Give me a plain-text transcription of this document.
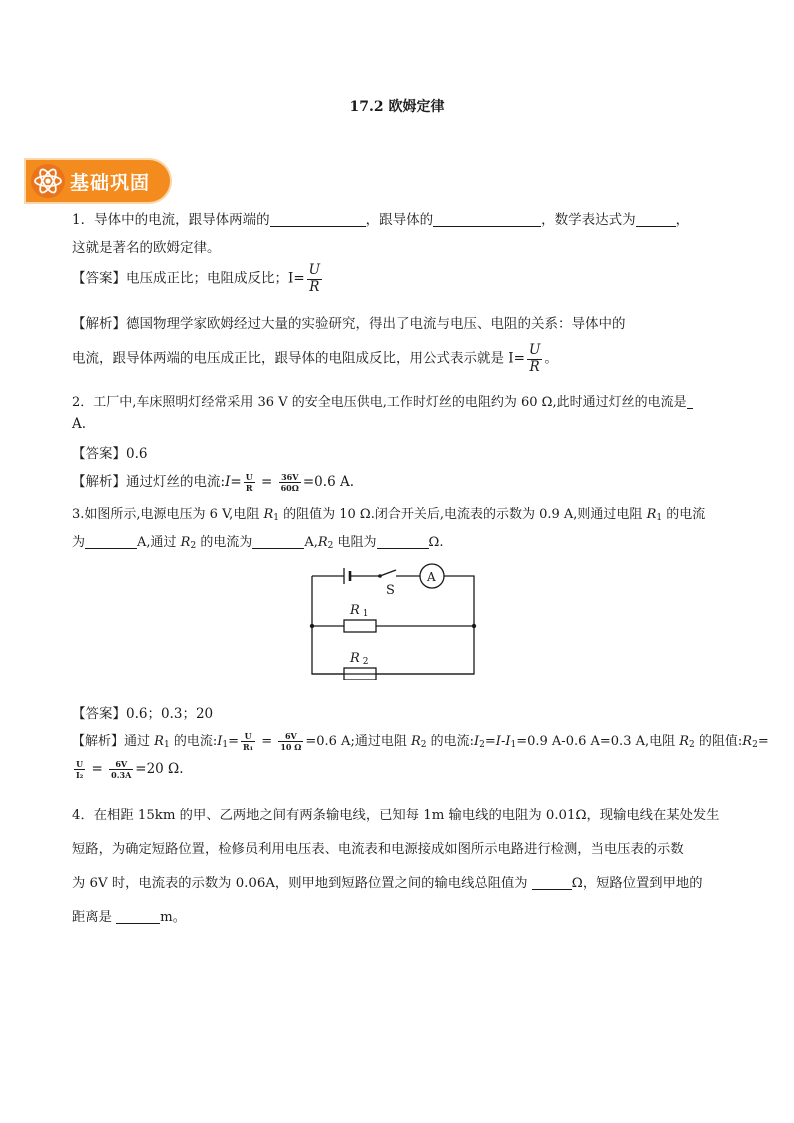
17.2 欧姆定律
基础巩固
1．导体中的电流，跟导体两端的	，跟导体的	，数学表达式为	，
这就是著名的欧姆定律。
【答案】电压成正比；电阻成反比；$I= \frac{U}{R}$
【解析】德国物理学家欧姆经过大量的实验研究，得出了电流与电压、电阻的关系：导体中的
电流，跟导体两端的电压成正比，跟导体的电阻成反比，用公式表示就是 $I= \frac{U}{R}$ 。
2．工厂中,车床照明灯经常采用 36 V 的安全电压供电,工作时灯丝的电阻约为 60 Ω,此时通过灯丝的电流是
A.
【答案】0.6
【解析】通过灯丝的电流:I= $\frac{U}{R} = \frac{36V}{60\Omega} =0.6$ A.
3.如图所示,电源电压为 6 V,电阻 $R_1$ 的阻值为 10 Ω.闭合开关后,电流表的示数为 0.9 A,则通过电阻 $R_1$ 的电流
为	A,通过 $R_2$ 的电流为	$A,R_2$ 电阻为	Ω.
S
A
R 1
R 2
【答案】0.6；0.3；20
【解析】通过 $R_1$ 的电流$:I_1= \frac{U}{\text{R₁}} = \frac{6V}{10 \Omega} =0.6$ A;通过电阻 $R_2$ 的电流$:I_2=I-I_1=0.9$ A-0.6 A=0.3 A,电阻 $R_2$ 的阻值$:R_2=$
$\frac{U}{\text{I₂}} = \frac{6V}{0.3A} =20$ Ω.
4．在相距 15km 的甲、乙两地之间有两条输电线，已知每 1m 输电线的电阻为 0.01Ω，现输电线在某处发生
短路，为确定短路位置，检修员利用电压表、电流表和电源接成如图所示电路进行检测，当电压表的示数
为 6V 时，电流表的示数为 0.06A，则甲地到短路位置之间的输电线总阻值为	Ω，短路位置到甲地的
距离是	m。
